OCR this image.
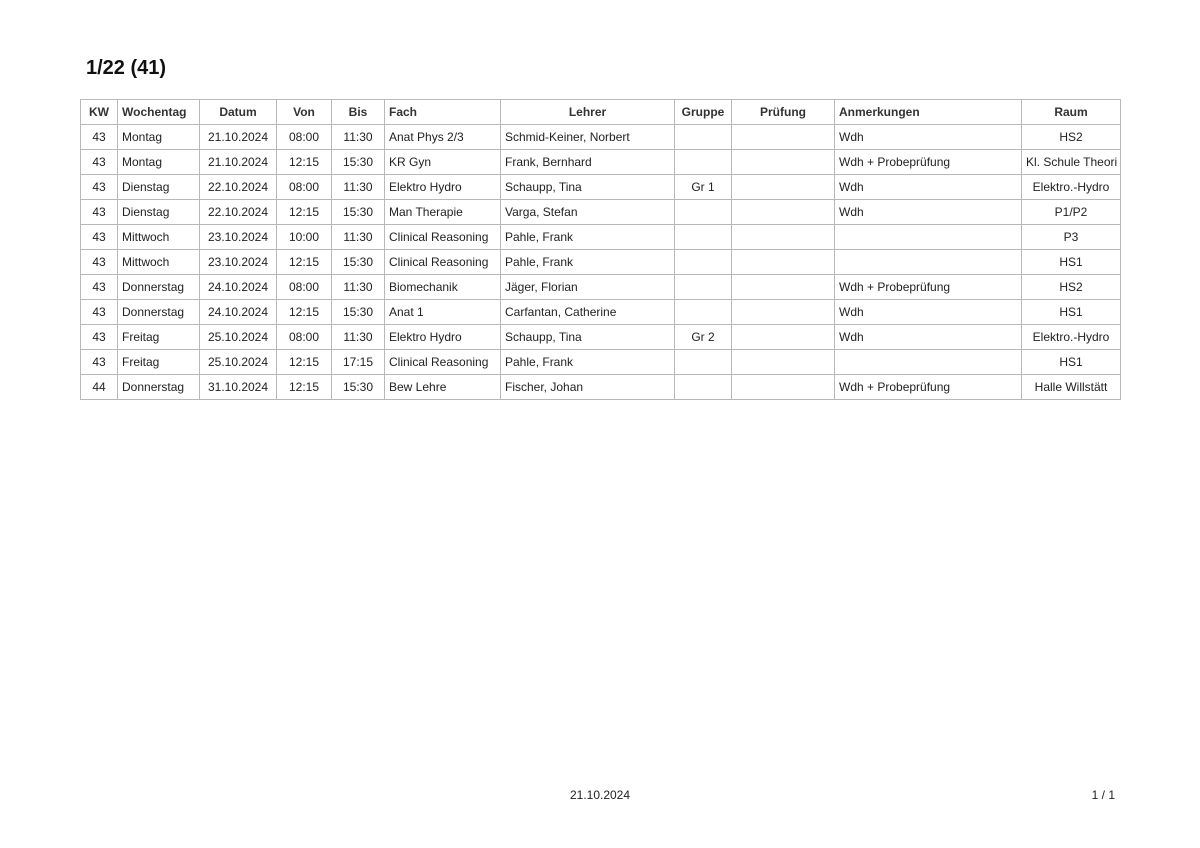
1/22 (41)
KW	Wochentag	Datum	Von	Bis	Fach	Lehrer	Gruppe	Prüfung	Anmerkungen	Raum
43	Montag	21.10.2024	08:00	11:30	Anat Phys 2/3	Schmid-Keiner, Norbert			Wdh	HS2
43	Montag	21.10.2024	12:15	15:30	KR Gyn	Frank, Bernhard			Wdh + Probeprüfung	Kl. Schule Theori
43	Dienstag	22.10.2024	08:00	11:30	Elektro Hydro	Schaupp, Tina	Gr 1		Wdh	Elektro.-Hydro
43	Dienstag	22.10.2024	12:15	15:30	Man Therapie	Varga, Stefan			Wdh	P1/P2
43	Mittwoch	23.10.2024	10:00	11:30	Clinical Reasoning	Pahle, Frank				P3
43	Mittwoch	23.10.2024	12:15	15:30	Clinical Reasoning	Pahle, Frank				HS1
43	Donnerstag	24.10.2024	08:00	11:30	Biomechanik	Jäger, Florian			Wdh + Probeprüfung	HS2
43	Donnerstag	24.10.2024	12:15	15:30	Anat 1	Carfantan, Catherine			Wdh	HS1
43	Freitag	25.10.2024	08:00	11:30	Elektro Hydro	Schaupp, Tina	Gr 2		Wdh	Elektro.-Hydro
43	Freitag	25.10.2024	12:15	17:15	Clinical Reasoning	Pahle, Frank				HS1
44	Donnerstag	31.10.2024	12:15	15:30	Bew Lehre	Fischer, Johan			Wdh + Probeprüfung	Halle Willstätt
21.10.2024	1 / 1
